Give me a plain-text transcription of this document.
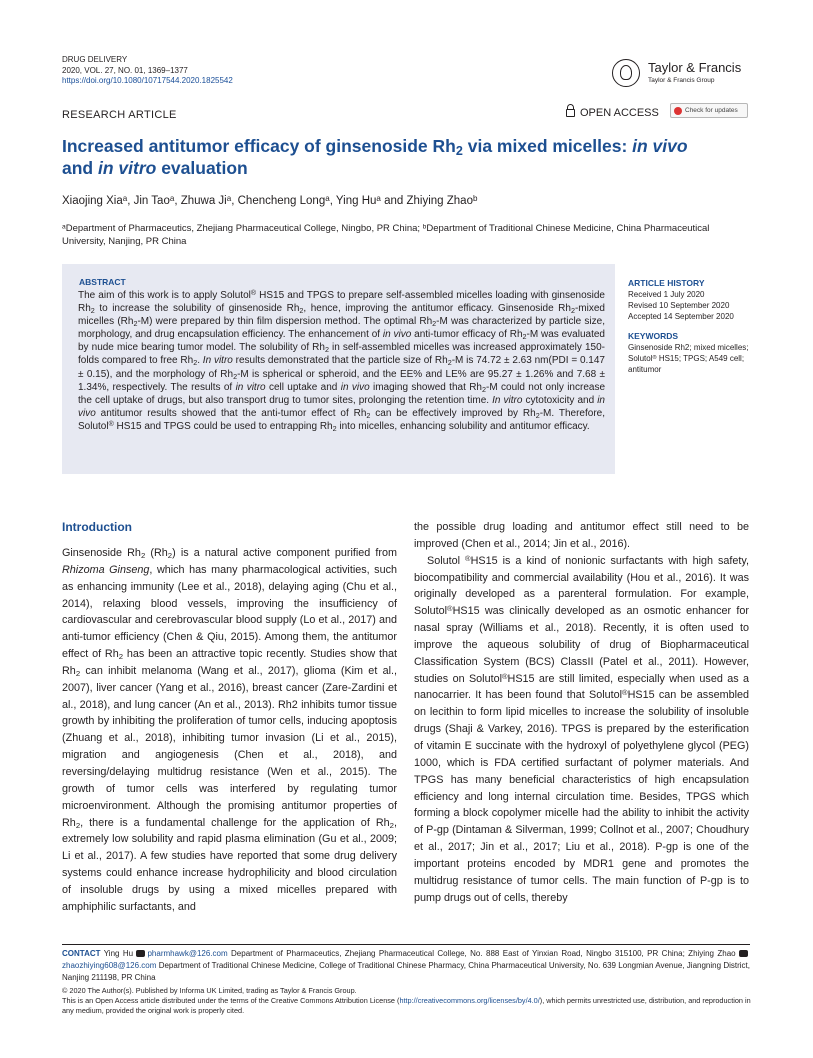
DRUG DELIVERY
2020, VOL. 27, NO. 01, 1369–1377
https://doi.org/10.1080/10717544.2020.1825542
Taylor & Francis
Taylor & Francis Group
RESEARCH ARTICLE	OPEN ACCESS	Check for updates
Increased antitumor efficacy of ginsenoside $Rh_2$ via mixed micelles: in vivo
and in vitro evaluation
Xiaojing Xia$^a$, Jin Tao$^a$, Zhuwa Ji$^a$, Chencheng Long$^a$, Ying Hu$^a$ and Zhiying Zhao$^b$
$^a$Department of Pharmaceutics, Zhejiang Pharmaceutical College, Ningbo, PR China; $^b$Department of Traditional Chinese Medicine, China Pharmaceutical University, Nanjing, PR China
ABSTRACT
The aim of this work is to apply Solutol® HS15 and TPGS to prepare self-assembled micelles loading with ginsenoside $Rh_2$ to increase the solubility of ginsenoside $Rh_2$, hence, improving the antitumor efficacy. Ginsenoside $Rh_2$-mixed micelles $(Rh_2-M)$ were prepared by thin film dispersion method. The optimal $Rh_2-M$ was characterized by particle size, morphology, and drug encapsulation efficiency. The enhancement of in vivo anti-tumor efficacy of $Rh_2-M$ was evaluated by nude mice bearing tumor model. The solubility of $Rh_2$ in self-assembled micelles was increased approximately 150-folds compared to free $Rh_2$. In vitro results demonstrated that the particle size of $Rh_2-M$ is 74.72 ± 2.63 nm(PDI = 0.147 ± 0.15), and the morphology of $Rh_2-M$ is spherical or spheroid, and the EE% and LE% are 95.27 ± 1.26% and 7.68 ± 1.34%, respectively. The results of in vitro cell uptake and in vivo imaging showed that $Rh_2-M$ could not only increase the cell uptake of drugs, but also transport drug to tumor sites, prolonging the retention time. In vitro cytotoxicity and in vivo antitumor results showed that the anti-tumor effect of $Rh_2$ can be effectively improved by $Rh_2-M$. Therefore, Solutol® HS15 and TPGS could be used to entrapping $Rh_2$ into micelles, enhancing solubility and antitumor efficacy.
ARTICLE HISTORY
Received 1 July 2020
Revised 10 September 2020
Accepted 14 September 2020
KEYWORDS
Ginsenoside Rh2; mixed micelles; Solutol® HS15; TPGS; A549 cell; antitumor
Introduction

Ginsenoside $Rh_2$ $(Rh_2)$ is a natural active component purified from Rhizoma Ginseng, which has many pharmacological activities, such as enhancing immunity (Lee et al., 2018), delaying aging (Chu et al., 2014), relaxing blood vessels, improving the insufficiency of cardiovascular and cerebrovascular blood supply (Lo et al., 2017) and anti-tumor efficiency (Chen & Qiu, 2015). Among them, the antitumor effect of $Rh_2$ has been an attractive topic recently. Studies show that $Rh_2$ can inhibit melanoma (Wang et al., 2017), glioma (Kim et al., 2007), liver cancer (Yang et al., 2016), breast cancer (Zare-Zardini et al., 2018), and lung cancer (An et al., 2013). Rh2 inhibits tumor tissue growth by inhibiting the proliferation of tumor cells, inducing apoptosis (Zhuang et al., 2018), inhibiting tumor invasion (Li et al., 2015), migration and angiogenesis (Chen et al., 2018), and reversing/delaying multidrug resistance (Wen et al., 2015). The growth of tumor cells was interfered by regulating tumor microenvironment. Although the promising antitumor properties of $Rh_2$, there is a fundamental challenge for the application of $Rh_2$, extremely low solubility and rapid plasma elimination (Gu et al., 2009; Li et al., 2017). A few studies have reported that some drug delivery systems could enhance increase hydrophilicity and blood circulation of insoluble drugs by using a mixed micelles prepared with amphiphilic surfactants, and

the possible drug loading and antitumor effect still need to be improved (Chen et al., 2014; Jin et al., 2016).

Solutol ®HS15 is a kind of nonionic surfactants with high safety, biocompatibility and commercial availability (Hou et al., 2016). It was originally developed as a parenteral formulation. For example, Solutol®HS15 was clinically developed as an osmotic enhancer for nasal spray (Williams et al., 2018). Recently, it is often used to improve the aqueous solubility of drug of Biopharmaceutical Classification System (BCS) ClassII (Patel et al., 2011). However, studies on Solutol®HS15 are still limited, especially when used as a nanocarrier. It has been found that Solutol®HS15 can be assembled on lecithin to form lipid micelles to increase the solubility of insoluble drugs (Shaji & Varkey, 2016). TPGS is prepared by the esterification of vitamin E succinate with the hydroxyl of polyethylene glycol (PEG) 1000, which is FDA certified surfactant of polymer materials. And TPGS has many beneficial characteristics of high encapsulation efficiency and long internal circulation time. Besides, TPGS which forming a block copolymer micelle had the ability to inhibit the activity of P-gp (Dintaman & Silverman, 1999; Collnot et al., 2007; Choudhury et al., 2017; Jin et al., 2017; Liu et al., 2018). P-gp is one of the important proteins encoded by MDR1 gene and promotes the multidrug resistance of tumor cells. The main function of P-gp is to pump drugs out of cells, thereby

CONTACT Ying Hu pharmhawk@126.com Department of Pharmaceutics, Zhejiang Pharmaceutical College, No. 888 East of Yinxian Road, Ningbo 315100, PR China; Zhiying Zhao zhaozhiying608@126.com Department of Traditional Chinese Medicine, College of Traditional Chinese Pharmacy, China Pharmaceutical University, No. 639 Longmian Avenue, Jiangning District, Nanjing 211198, PR China
© 2020 The Author(s). Published by Informa UK Limited, trading as Taylor & Francis Group.
This is an Open Access article distributed under the terms of the Creative Commons Attribution License (http://creativecommons.org/licenses/by/4.0/), which permits unrestricted use, distribution, and reproduction in any medium, provided the original work is properly cited.
